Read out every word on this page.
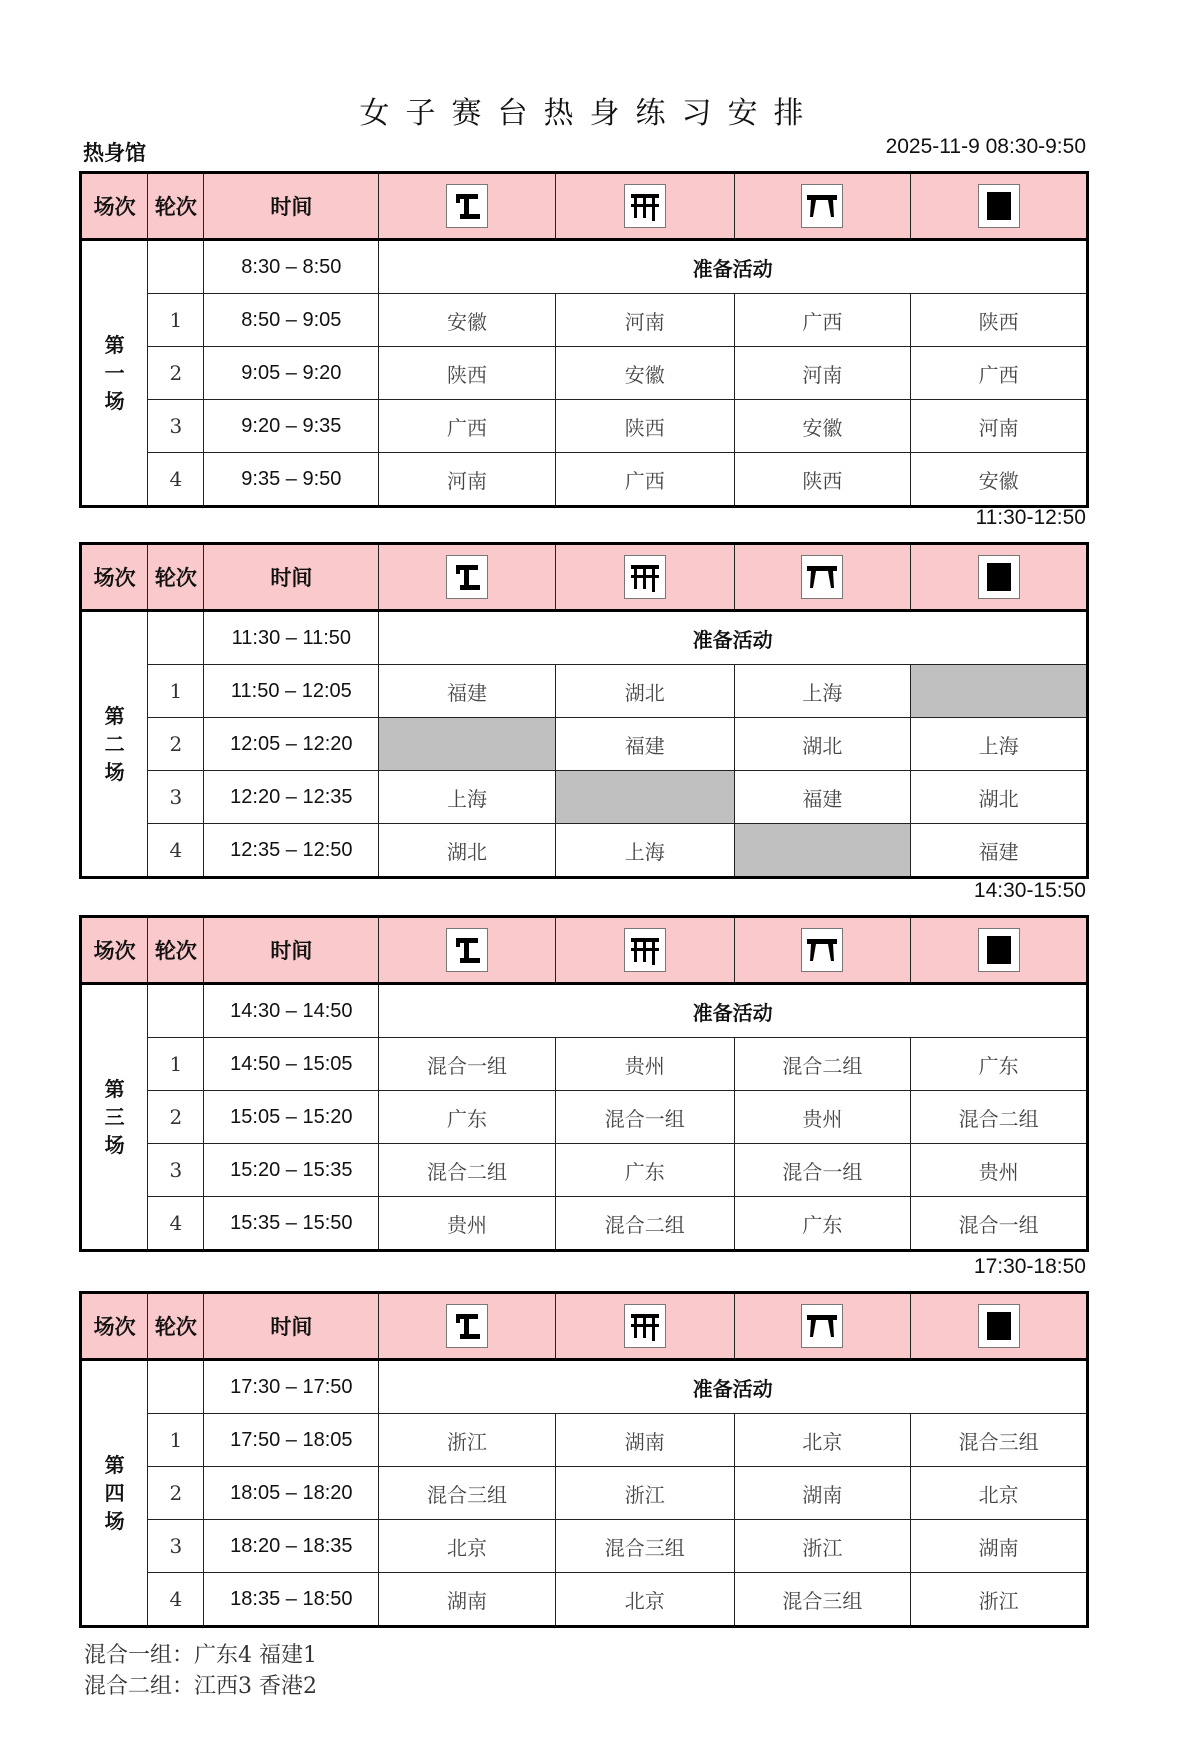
女子赛台热身练习安排
热身馆	2025-11-9 08:30-9:50
场次	轮次	时间	

第
一
场		8:30 – 8:50	准备活动			
	1	8:50 – 9:05	安徽	河南	广西	陕西
	2	9:05 – 9:20	陕西	安徽	河南	广西
	3	9:20 – 9:35	广西	陕西	安徽	河南
	4	9:35 – 9:50	河南	广西	陕西	安徽
11:30-12:50
场次	轮次	时间	

第
二
场		11:30 – 11:50	准备活动			
	1	11:50 – 12:05	福建	湖北	上海	
	2	12:05 – 12:20		福建	湖北	上海
	3	12:20 – 12:35	上海		福建	湖北
	4	12:35 – 12:50	湖北	上海		福建
14:30-15:50
场次	轮次	时间	

第
三
场		14:30 – 14:50	准备活动			
	1	14:50 – 15:05	混合一组	贵州	混合二组	广东
	2	15:05 – 15:20	广东	混合一组	贵州	混合二组
	3	15:20 – 15:35	混合二组	广东	混合一组	贵州
	4	15:35 – 15:50	贵州	混合二组	广东	混合一组
17:30-18:50
场次	轮次	时间	

第
四
场		17:30 – 17:50	准备活动			
	1	17:50 – 18:05	浙江	湖南	北京	混合三组
	2	18:05 – 18:20	混合三组	浙江	湖南	北京
	3	18:20 – 18:35	北京	混合三组	浙江	湖南
	4	18:35 – 18:50	湖南	北京	混合三组	浙江
混合一组：广东4 福建1
混合二组：江西3 香港2
